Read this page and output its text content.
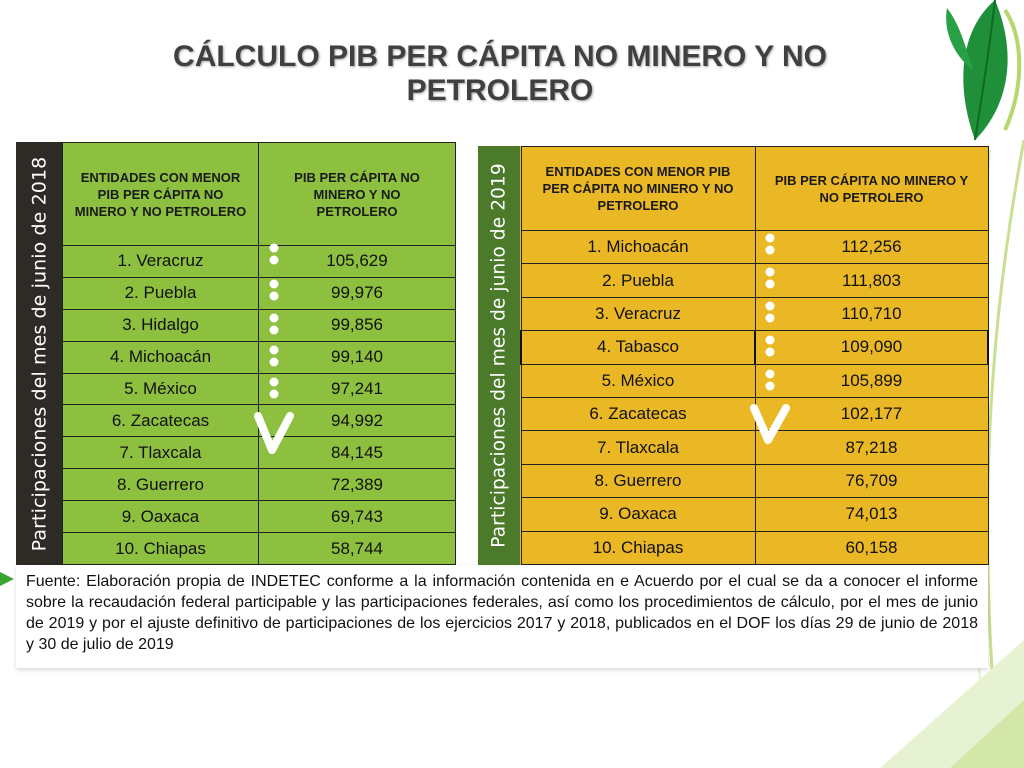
CÁLCULO PIB PER CÁPITA NO MINERO Y NO PETROLERO
Participaciones del mes de junio de 2018 ENTIDADES CON MENOR PIB PER CÁPITA NO MINERO Y NO PETROLERO	PIB PER CÁPITA NO MINERO Y NO PETROLERO
1. Veracruz	105,629
2. Puebla	99,976
3. Hidalgo	99,856
4. Michoacán	99,140
5. México	97,241
6. Zacatecas	94,992
7. Tlaxcala	84,145
8. Guerrero	72,389
9. Oaxaca	69,743
10. Chiapas	58,744
Participaciones del mes de junio de 2019	ENTIDADES CON MENOR PIB PER CÁPITA NO MINERO Y NO PETROLERO	PIB PER CÁPITA NO MINERO Y NO PETROLERO
1. Michoacán	112,256
2. Puebla	111,803
3. Veracruz	110,710
4. Tabasco	109,090
5. México	105,899
6. Zacatecas	102,177
7. Tlaxcala	87,218
8. Guerrero	76,709
9. Oaxaca	74,013
10. Chiapas	60,158

Fuente: Elaboración propia de INDETEC conforme a la información contenida en e Acuerdo por el cual se da a conocer el informe sobre la recaudación federal participable y las participaciones federales, así como los procedimientos de cálculo, por el mes de junio de 2019 y por el ajuste definitivo de participaciones de los ejercicios 2017 y 2018, publicados en el DOF los días 29 de junio de 2018 y 30 de julio de 2019
